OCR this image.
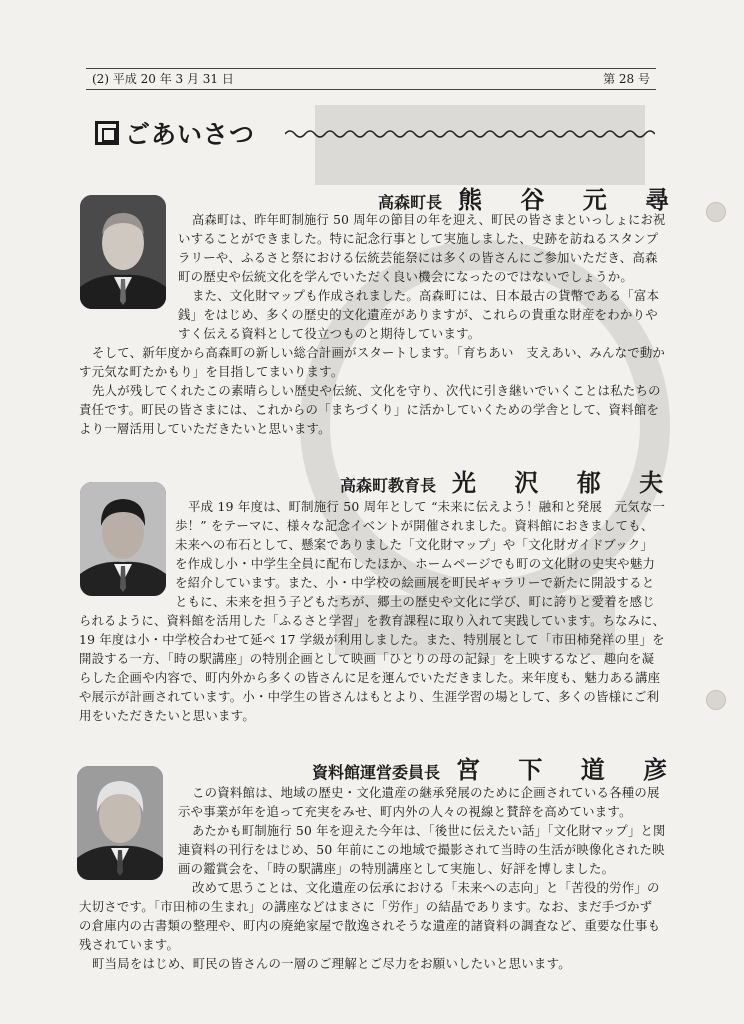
(2) 平成 20 年 3 月 31 日	第 28 号
ごあいさつ
高森町長 熊 谷 元 尋
高森町は、昨年町制施行 50 周年の節目の年を迎え、町民の皆さまといっしょにお祝
いすることができました。特に記念行事として実施しました、史跡を訪ねるスタンプ
ラリーや、ふるさと祭における伝統芸能祭には多くの皆さんにご参加いただき、高森
町の歴史や伝統文化を学んでいただく良い機会になったのではないでしょうか。
また、文化財マップも作成されました。高森町には、日本最古の貨幣である「富本
銭」をはじめ、多くの歴史的文化遺産がありますが、これらの貴重な財産をわかりや
すく伝える資料として役立つものと期待しています。
そして、新年度から高森町の新しい総合計画がスタートします。「育ちあい　支えあい、みんなで動か
す元気な町たかもり」を目指してまいります。
先人が残してくれたこの素晴らしい歴史や伝統、文化を守り、次代に引き継いでいくことは私たちの
責任です。町民の皆さまには、これからの「まちづくり」に活かしていくための学舎として、資料館を
より一層活用していただきたいと思います。
高森町教育長 光 沢 郁 夫
平成 19 年度は、町制施行 50 周年として “未来に伝えよう！融和と発展　元気な一
歩！” をテーマに、様々な記念イベントが開催されました。資料館におきましても、
未来への布石として、懸案でありました「文化財マップ」や「文化財ガイドブック」
を作成し小・中学生全員に配布したほか、ホームページでも町の文化財の史実や魅力
を紹介しています。また、小・中学校の絵画展を町民ギャラリーで新たに開設すると
ともに、未来を担う子どもたちが、郷土の歴史や文化に学び、町に誇りと愛着を感じ
られるように、資料館を活用した「ふるさと学習」を教育課程に取り入れて実践しています。ちなみに、
19 年度は小・中学校合わせて延べ 17 学級が利用しました。また、特別展として「市田柿発祥の里」を
開設する一方、「時の駅講座」の特別企画として映画「ひとりの母の記録」を上映するなど、趣向を凝
らした企画や内容で、町内外から多くの皆さんに足を運んでいただきました。来年度も、魅力ある講座
や展示が計画されています。小・中学生の皆さんはもとより、生涯学習の場として、多くの皆様にご利
用をいただきたいと思います。
資料館運営委員長 宮 下 道 彦
この資料館は、地域の歴史・文化遺産の継承発展のために企画されている各種の展
示や事業が年を追って充実をみせ、町内外の人々の視線と賛辞を高めています。
あたかも町制施行 50 年を迎えた今年は、「後世に伝えたい話」「文化財マップ」と関
連資料の刊行をはじめ、50 年前にこの地域で撮影されて当時の生活が映像化された映
画の鑑賞会を、「時の駅講座」の特別講座として実施し、好評を博しました。
改めて思うことは、文化遺産の伝承における「未来への志向」と「苦役的労作」の
大切さです。「市田柿の生まれ」の講座などはまさに「労作」の結晶であります。なお、まだ手づかず
の倉庫内の古書類の整理や、町内の廃絶家屋で散逸されそうな遺産的諸資料の調査など、重要な仕事も
残されています。
町当局をはじめ、町民の皆さんの一層のご理解とご尽力をお願いしたいと思います。
